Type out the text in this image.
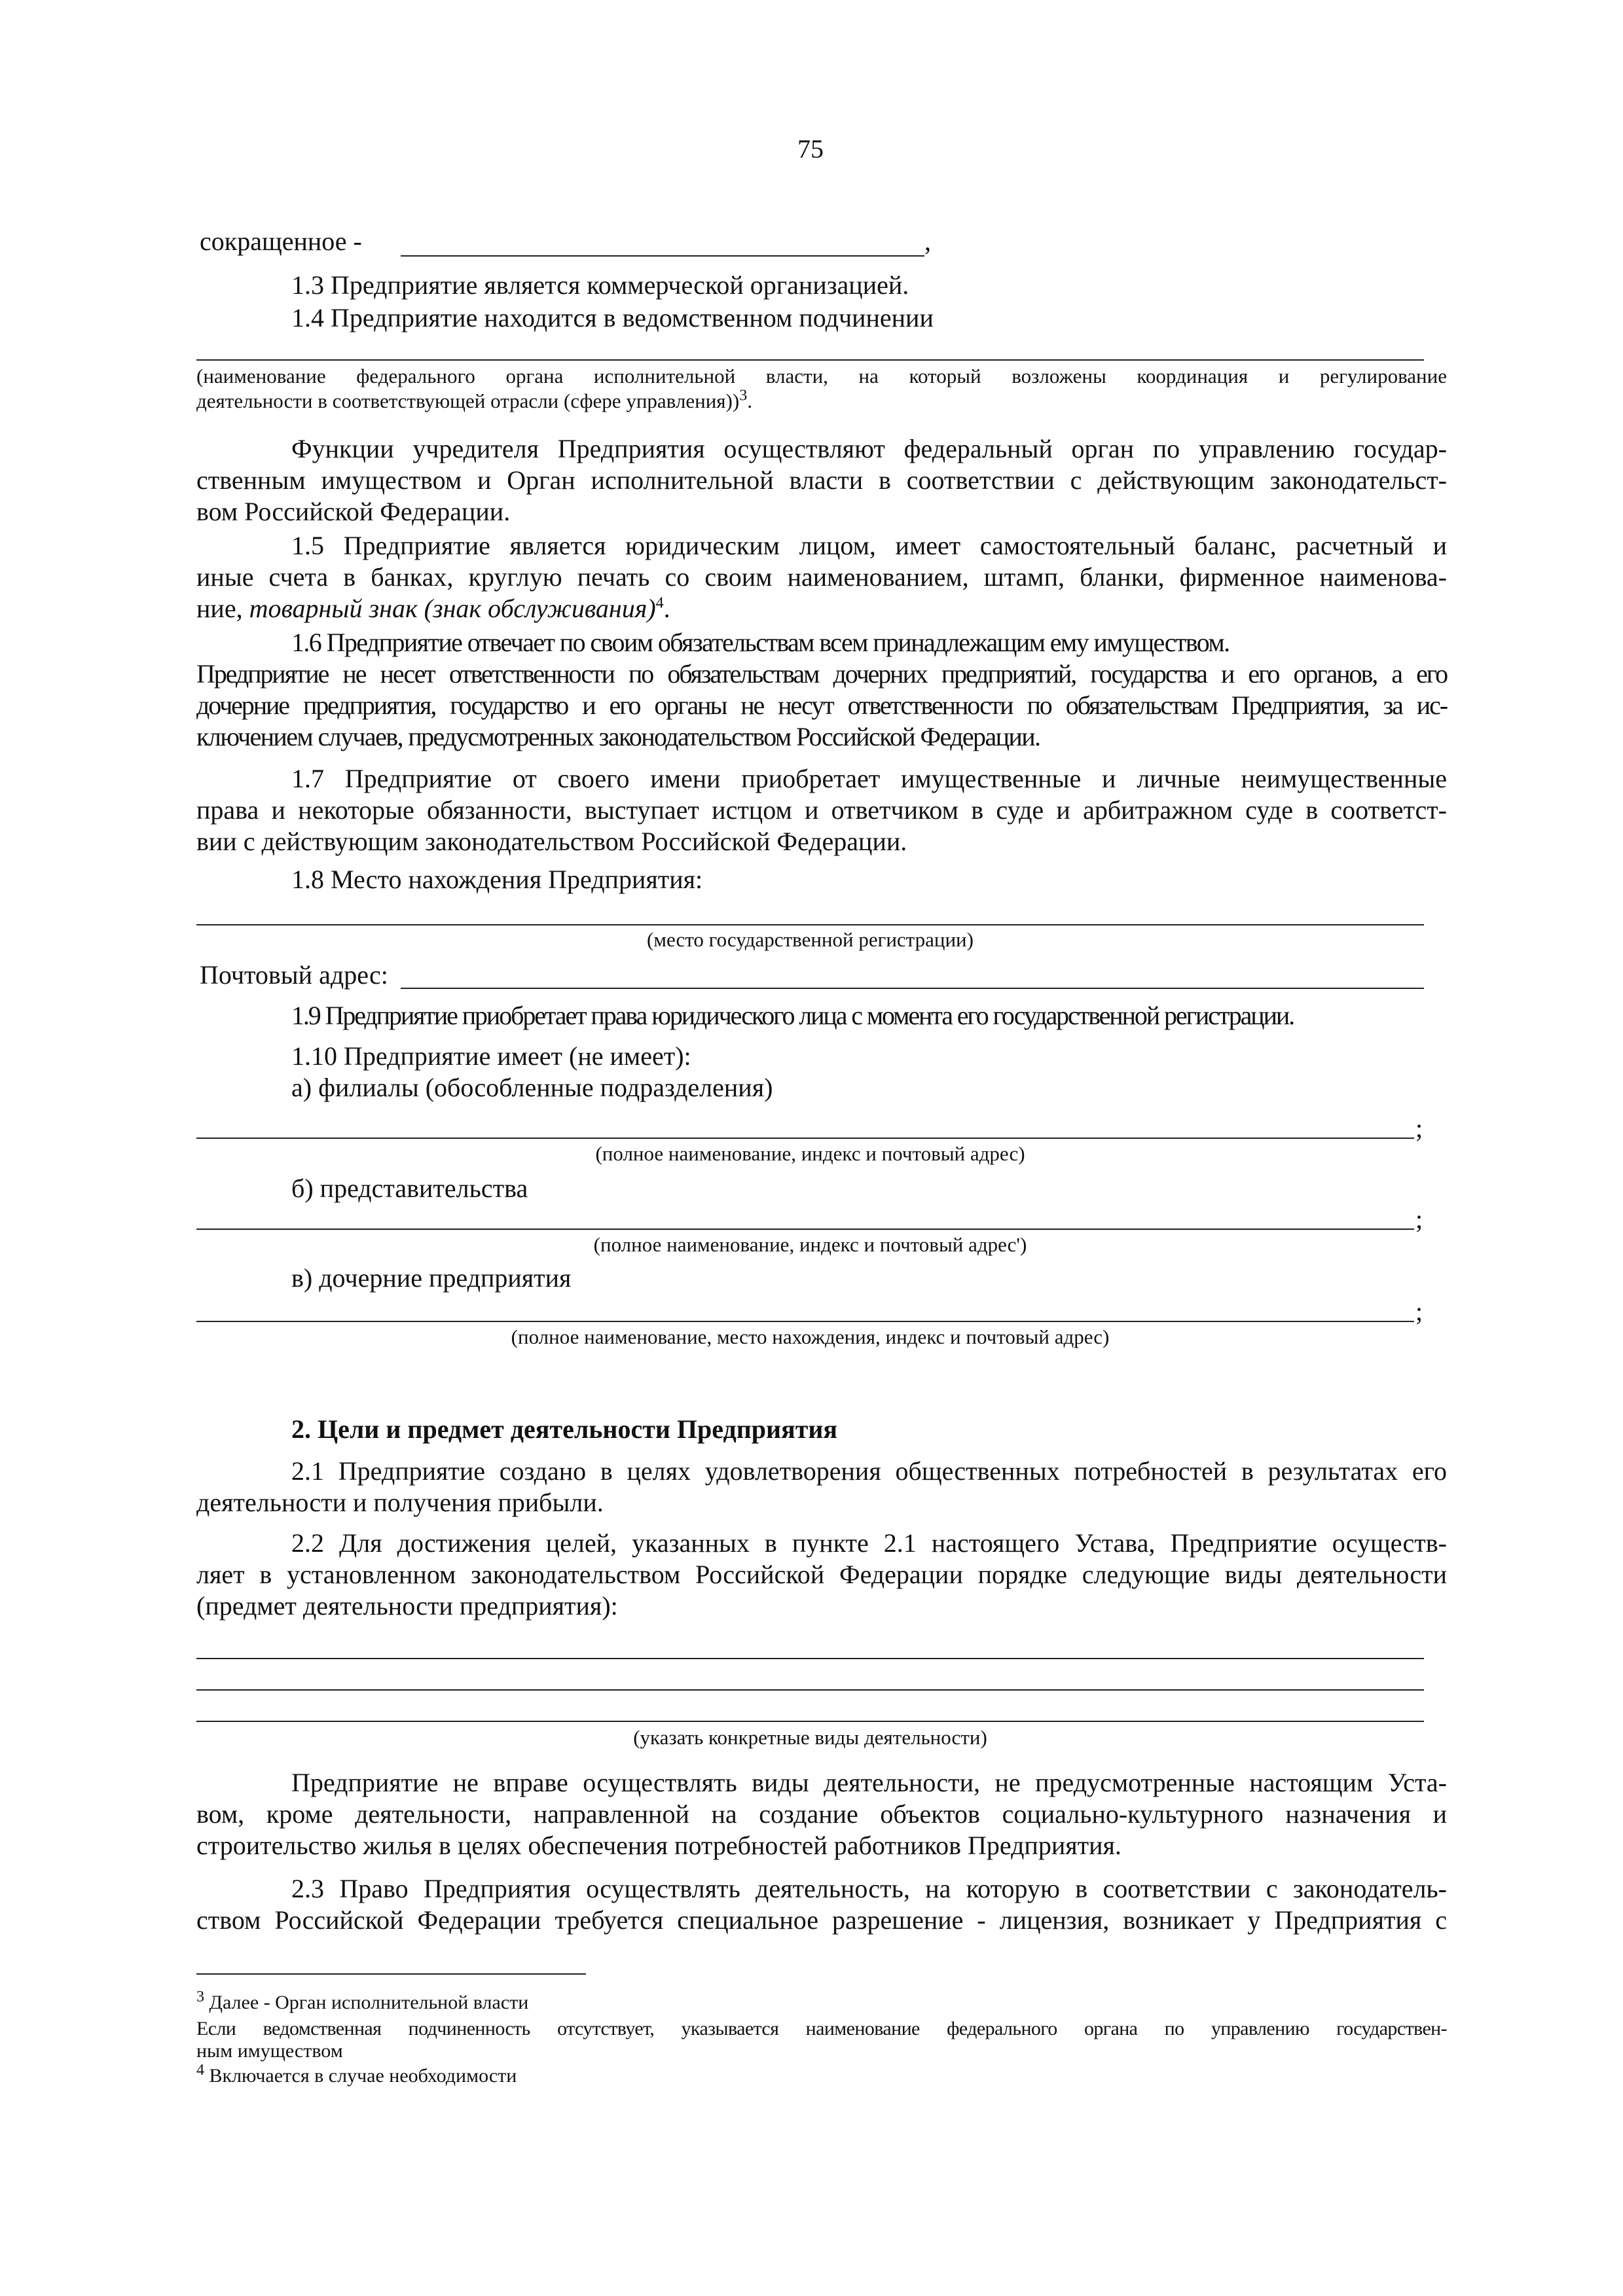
75
сокращенное -	,
1.3 Предприятие является коммерческой организацией.
1.4 Предприятие находится в ведомственном подчинении
(наименование федерального органа исполнительной власти, на который возложены координация и регулирование
деятельности в соответствующей отрасли (сфере управления))$^3$.
Функции учредителя Предприятия осуществляют федеральный орган по управлению государ-
ственным имуществом и Орган исполнительной власти в соответствии с действующим законодательст-
вом Российской Федерации.
1.5 Предприятие является юридическим лицом, имеет самостоятельный баланс, расчетный и
иные счета в банках, круглую печать со своим наименованием, штамп, бланки, фирменное наименова-
ние, товарный знак (знак обслуживания)$^4$.
1.6 Предприятие отвечает по своим обязательствам всем принадлежащим ему имуществом.
Предприятие не несет ответственности по обязательствам дочерних предприятий, государства и его органов, а его
дочерние предприятия, государство и его органы не несут ответственности по обязательствам Предприятия, за ис-
ключением случаев, предусмотренных законодательством Российской Федерации.
1.7 Предприятие от своего имени приобретает имущественные и личные неимущественные
права и некоторые обязанности, выступает истцом и ответчиком в суде и арбитражном суде в соответст-
вии с действующим законодательством Российской Федерации.
1.8 Место нахождения Предприятия:
(место государственной регистрации)
Почтовый адрес:
1.9 Предприятие приобретает права юридического лица с момента его государственной регистрации.
1.10 Предприятие имеет (не имеет):
а) филиалы (обособленные подразделения)
;
(полное наименование, индекс и почтовый адрес)
б) представительства
;
(полное наименование, индекс и почтовый адрес')
в) дочерние предприятия
;
(полное наименование, место нахождения, индекс и почтовый адрес)
2. Цели и предмет деятельности Предприятия
2.1 Предприятие создано в целях удовлетворения общественных потребностей в результатах его
деятельности и получения прибыли.
2.2 Для достижения целей, указанных в пункте 2.1 настоящего Устава, Предприятие осуществ-
ляет в установленном законодательством Российской Федерации порядке следующие виды деятельности
(предмет деятельности предприятия):
(указать конкретные виды деятельности)
Предприятие не вправе осуществлять виды деятельности, не предусмотренные настоящим Уста-
вом, кроме деятельности, направленной на создание объектов социально-культурного назначения и
строительство жилья в целях обеспечения потребностей работников Предприятия.
2.3 Право Предприятия осуществлять деятельность, на которую в соответствии с законодатель-
ством Российской Федерации требуется специальное разрешение - лицензия, возникает у Предприятия с
$^3$ Далее - Орган исполнительной власти
Если ведомственная подчиненность отсутствует, указывается наименование федерального органа по управлению государствен-
ным имуществом
$^4$ Включается в случае необходимости
